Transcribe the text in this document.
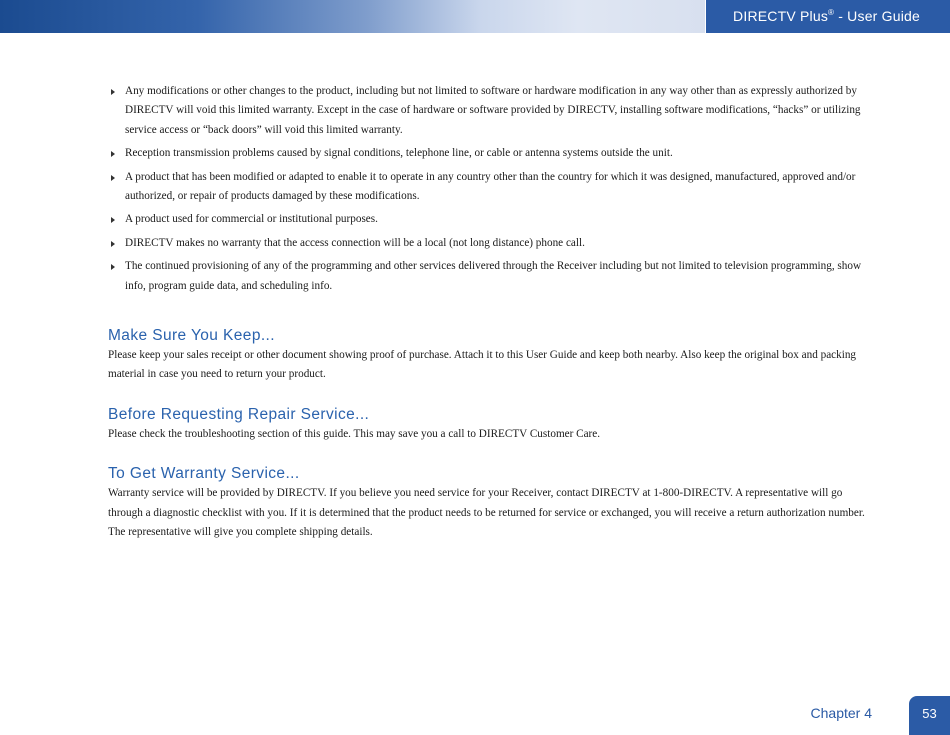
DIRECTV Plus® - User Guide
Any modifications or other changes to the product, including but not limited to software or hardware modification in any way other than as expressly authorized by DIRECTV will void this limited warranty. Except in the case of hardware or software provided by DIRECTV, installing software modifications, “hacks” or utilizing service access or “back doors” will void this limited warranty.
Reception transmission problems caused by signal conditions, telephone line, or cable or antenna systems outside the unit.
A product that has been modified or adapted to enable it to operate in any country other than the country for which it was designed, manufactured, approved and/or authorized, or repair of products damaged by these modifications.
A product used for commercial or institutional purposes.
DIRECTV makes no warranty that the access connection will be a local (not long distance) phone call.
The continued provisioning of any of the programming and other services delivered through the Receiver including but not limited to television programming, show info, program guide data, and scheduling info.
Make Sure You Keep...

Please keep your sales receipt or other document showing proof of purchase. Attach it to this User Guide and keep both nearby. Also keep the original box and packing material in case you need to return your product.

Before Requesting Repair Service...

Please check the troubleshooting section of this guide. This may save you a call to DIRECTV Customer Care.

To Get Warranty Service...

Warranty service will be provided by DIRECTV. If you believe you need service for your Receiver, contact DIRECTV at 1-800-DIRECTV. A representative will go through a diagnostic checklist with you. If it is determined that the product needs to be returned for service or exchanged, you will receive a return authorization number. The representative will give you complete shipping details.

Chapter 4	53
